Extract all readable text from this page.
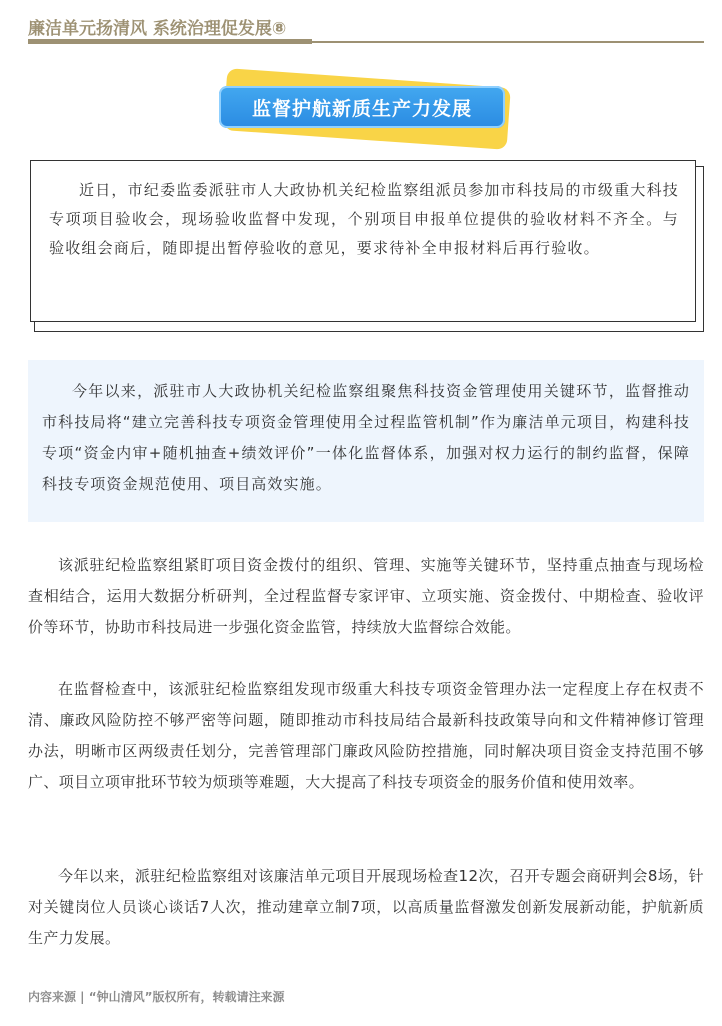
廉洁单元扬清风 系统治理促发展⑧
监督护航新质生产力发展

近日，市纪委监委派驻市人大政协机关纪检监察组派员参加市科技局的市级重大科技专项项目验收会，现场验收监督中发现，个别项目申报单位提供的验收材料不齐全。与验收组会商后，随即提出暂停验收的意见，要求待补全申报材料后再行验收。

今年以来，派驻市人大政协机关纪检监察组聚焦科技资金管理使用关键环节，监督推动市科技局将“建立完善科技专项资金管理使用全过程监管机制”作为廉洁单元项目，构建科技专项“资金内审+随机抽查+绩效评价”一体化监督体系，加强对权力运行的制约监督，保障科技专项资金规范使用、项目高效实施。

该派驻纪检监察组紧盯项目资金拨付的组织、管理、实施等关键环节，坚持重点抽查与现场检查相结合，运用大数据分析研判，全过程监督专家评审、立项实施、资金拨付、中期检查、验收评价等环节，协助市科技局进一步强化资金监管，持续放大监督综合效能。

在监督检查中，该派驻纪检监察组发现市级重大科技专项资金管理办法一定程度上存在权责不清、廉政风险防控不够严密等问题，随即推动市科技局结合最新科技政策导向和文件精神修订管理办法，明晰市区两级责任划分，完善管理部门廉政风险防控措施，同时解决项目资金支持范围不够广、项目立项审批环节较为烦琐等难题，大大提高了科技专项资金的服务价值和使用效率。

今年以来，派驻纪检监察组对该廉洁单元项目开展现场检查12次，召开专题会商研判会8场，针对关键岗位人员谈心谈话7人次，推动建章立制7项，以高质量监督激发创新发展新动能，护航新质生产力发展。

内容来源 | “钟山清风”版权所有，转载请注来源
